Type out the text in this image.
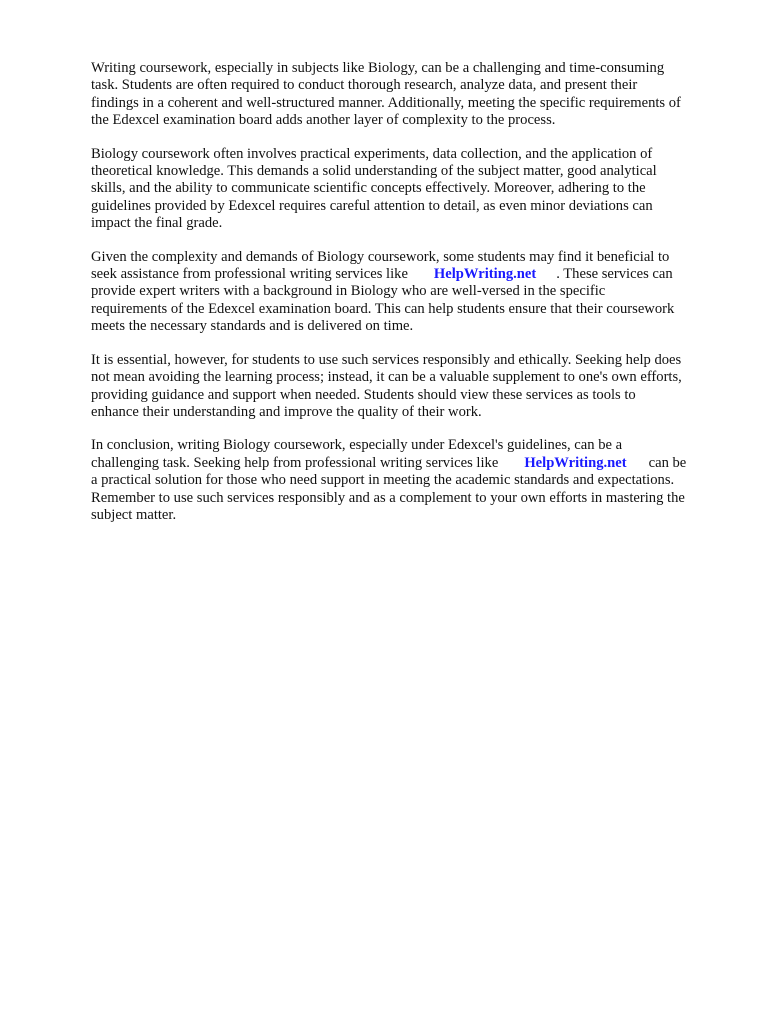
Writing coursework, especially in subjects like Biology, can be a challenging and time-consuming
task. Students are often required to conduct thorough research, analyze data, and present their
findings in a coherent and well-structured manner. Additionally, meeting the specific requirements of
the Edexcel examination board adds another layer of complexity to the process.

Biology coursework often involves practical experiments, data collection, and the application of
theoretical knowledge. This demands a solid understanding of the subject matter, good analytical
skills, and the ability to communicate scientific concepts effectively. Moreover, adhering to the
guidelines provided by Edexcel requires careful attention to detail, as even minor deviations can
impact the final grade.

Given the complexity and demands of Biology coursework, some students may find it beneficial to
seek assistance from professional writing services like HelpWriting.net . These services can
provide expert writers with a background in Biology who are well-versed in the specific
requirements of the Edexcel examination board. This can help students ensure that their coursework
meets the necessary standards and is delivered on time.

It is essential, however, for students to use such services responsibly and ethically. Seeking help does
not mean avoiding the learning process; instead, it can be a valuable supplement to one's own efforts,
providing guidance and support when needed. Students should view these services as tools to
enhance their understanding and improve the quality of their work.

In conclusion, writing Biology coursework, especially under Edexcel's guidelines, can be a
challenging task. Seeking help from professional writing services like HelpWriting.net can be
a practical solution for those who need support in meeting the academic standards and expectations.
Remember to use such services responsibly and as a complement to your own efforts in mastering the
subject matter.
